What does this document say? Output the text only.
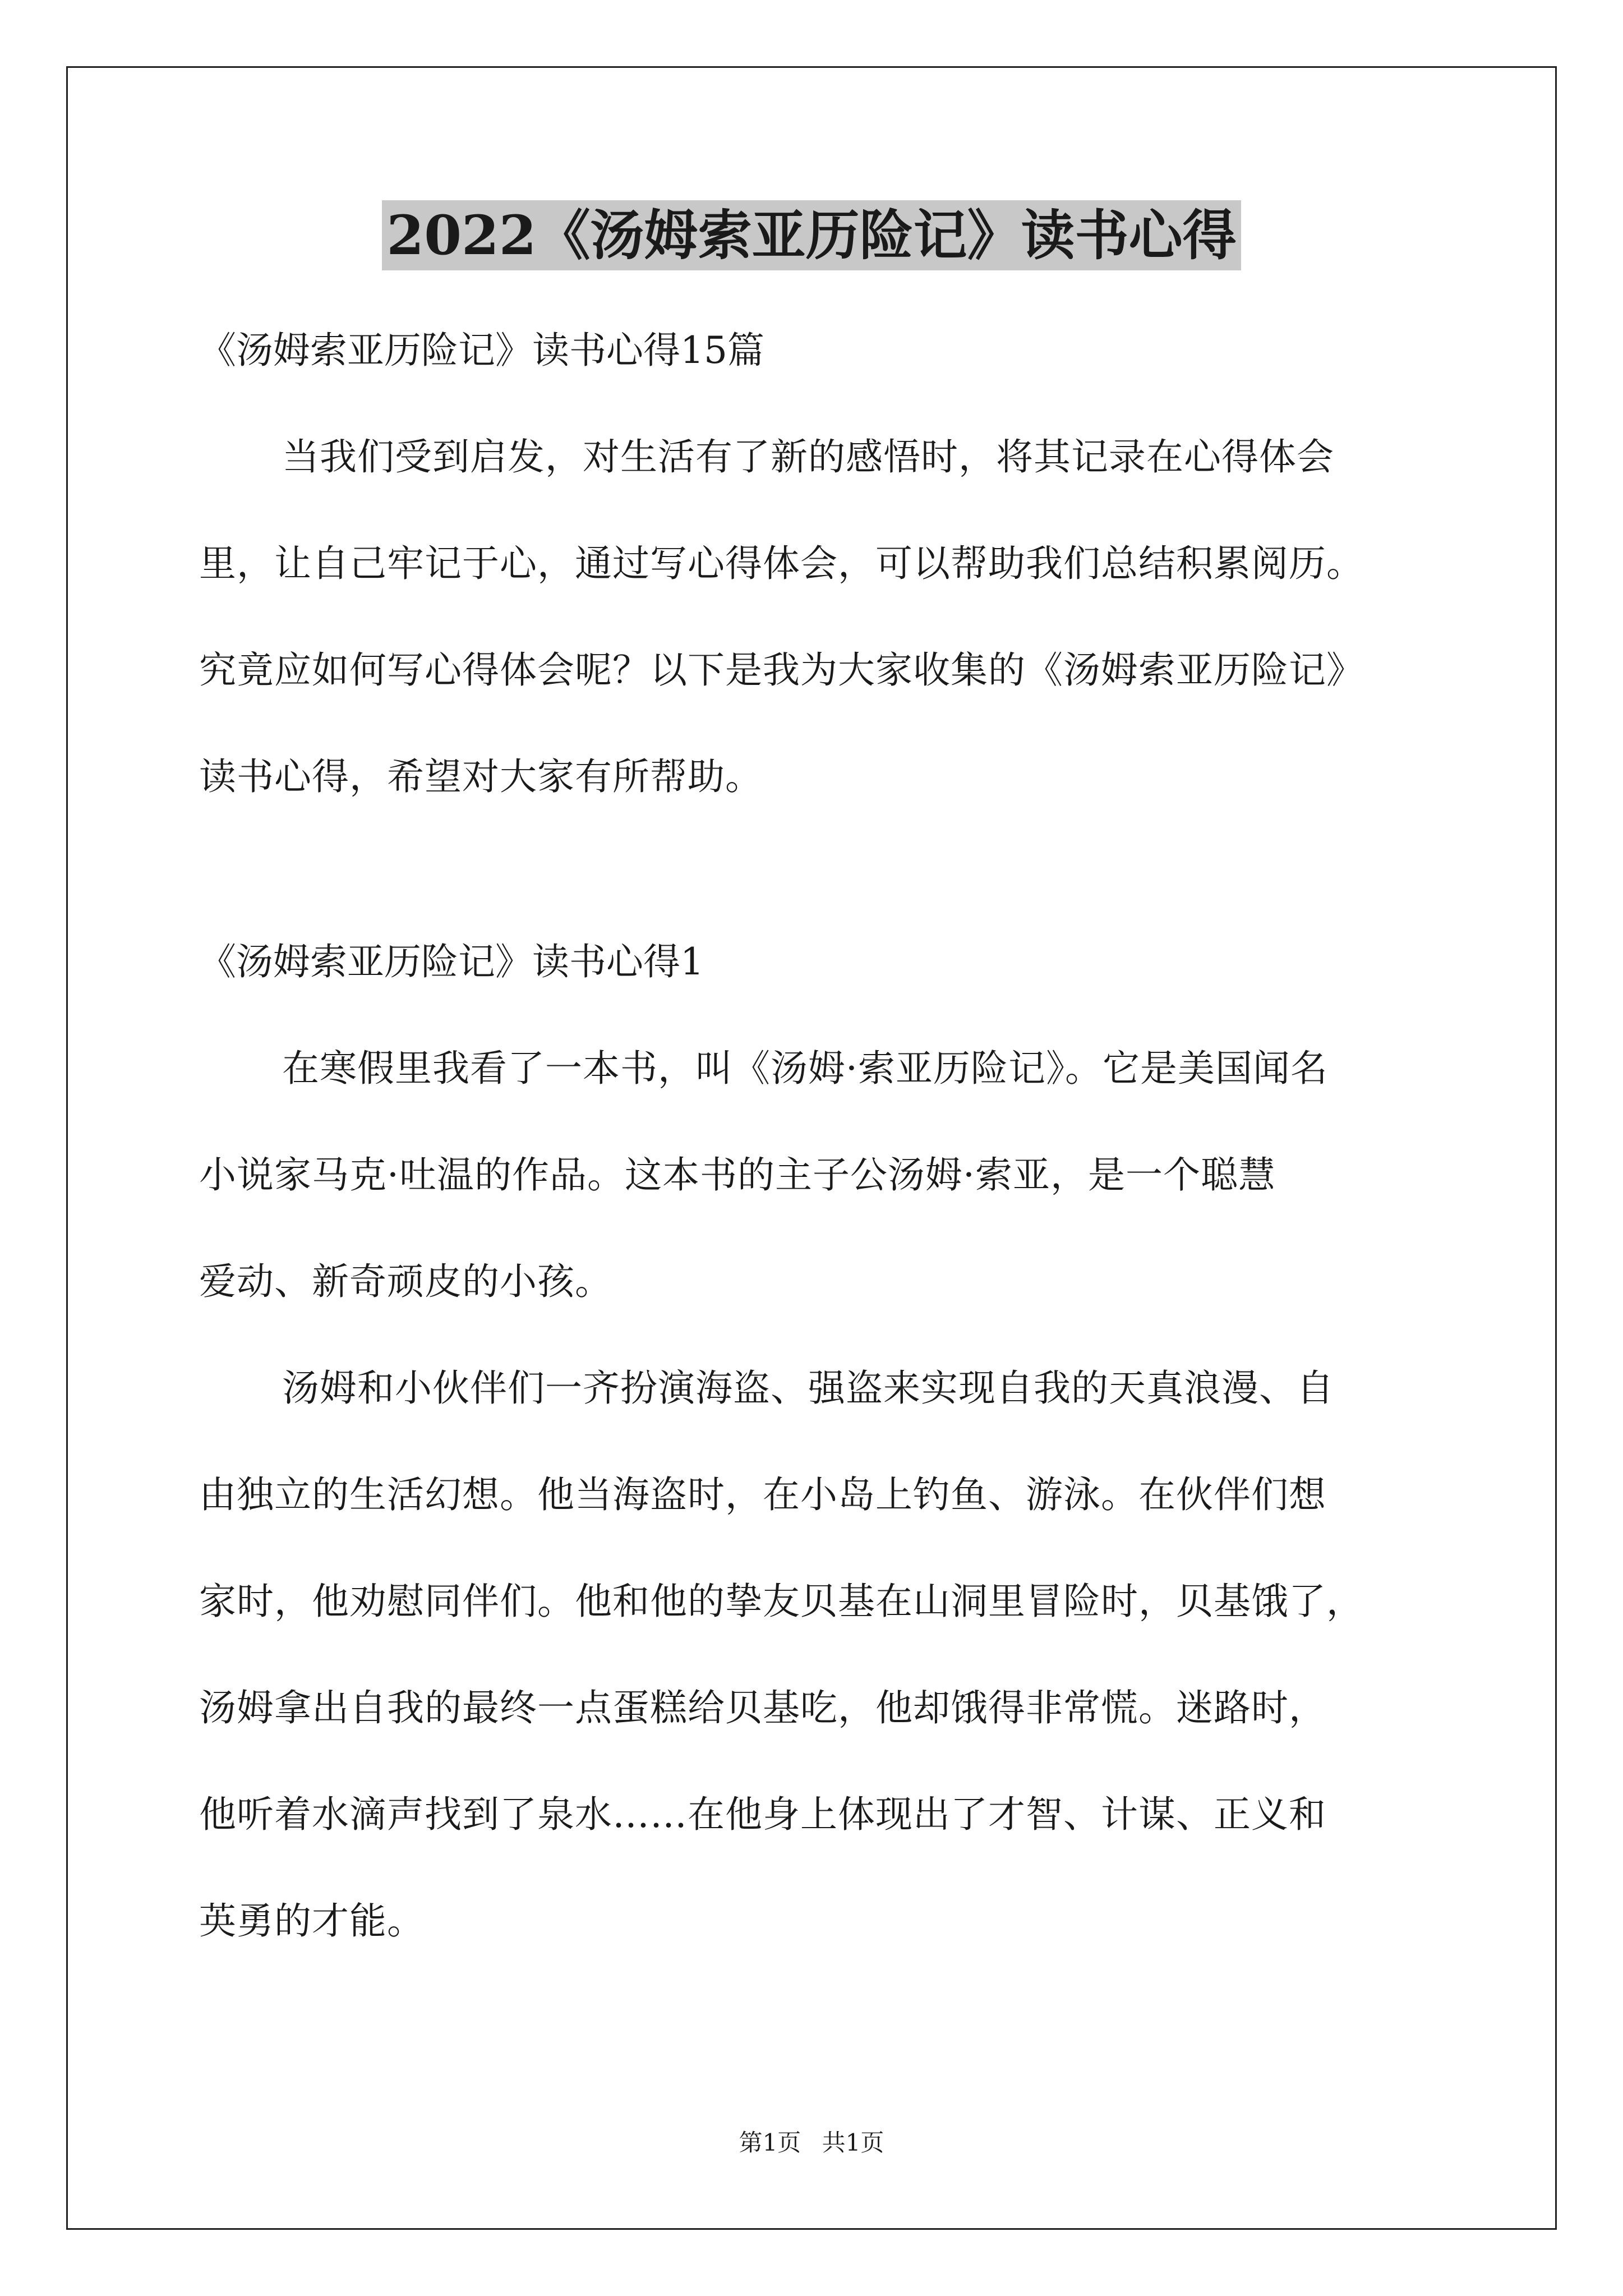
2022《汤姆索亚历险记》读书心得
《汤姆索亚历险记》读书心得15篇
当我们受到启发，对生活有了新的感悟时，将其记录在心得体会
里，让自己牢记于心，通过写心得体会，可以帮助我们总结积累阅历。
究竟应如何写心得体会呢？以下是我为大家收集的《汤姆索亚历险记》
读书心得，希望对大家有所帮助。
《汤姆索亚历险记》读书心得1
在寒假里我看了一本书，叫《汤姆·索亚历险记》。它是美国闻名
小说家马克·吐温的作品。这本书的主子公汤姆·索亚，是一个聪慧
爱动、新奇顽皮的小孩。
汤姆和小伙伴们一齐扮演海盗、强盗来实现自我的天真浪漫、自
由独立的生活幻想。他当海盗时，在小岛上钓鱼、游泳。在伙伴们想
家时，他劝慰同伴们。他和他的挚友贝基在山洞里冒险时，贝基饿了，
汤姆拿出自我的最终一点蛋糕给贝基吃，他却饿得非常慌。迷路时，
他听着水滴声找到了泉水……在他身上体现出了才智、计谋、正义和
英勇的才能。
第1页 共1页
